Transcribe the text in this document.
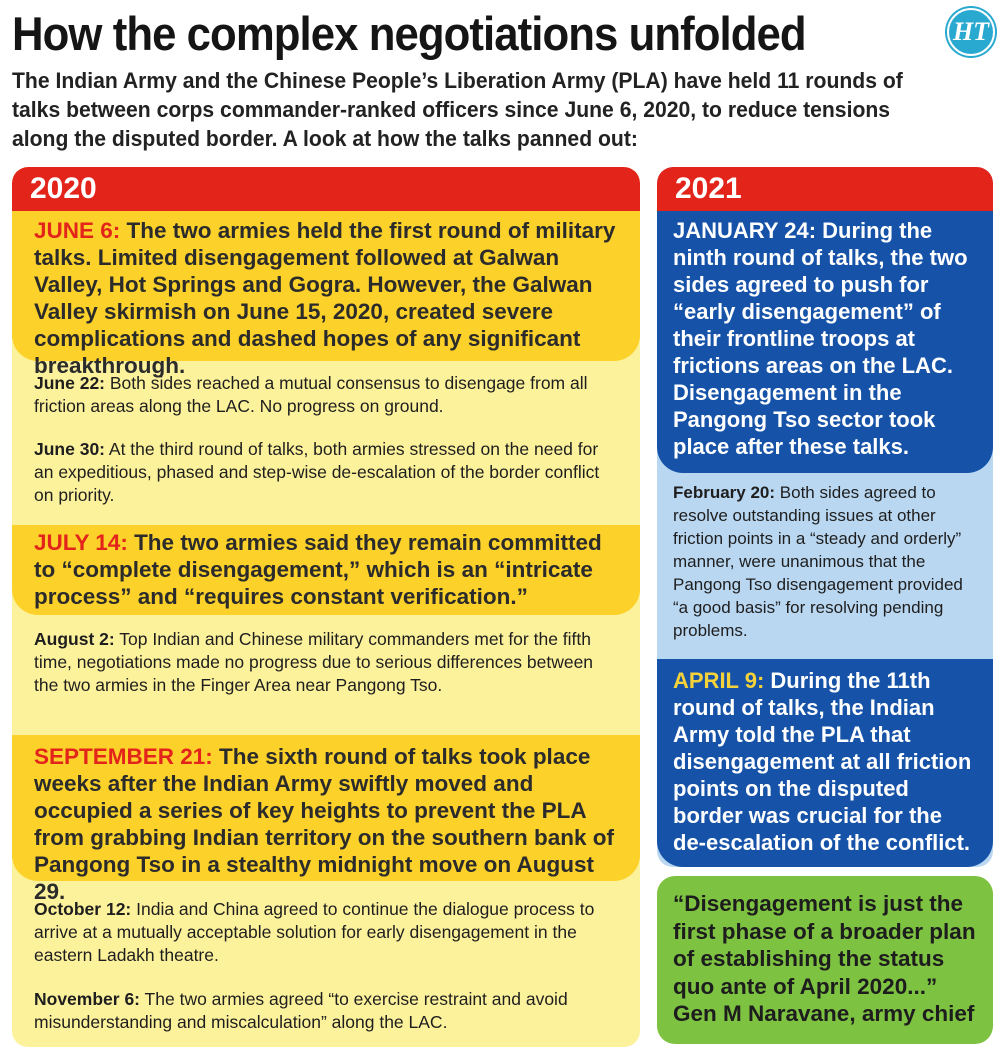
How the complex negotiations unfolded	HT
The Indian Army and the Chinese People’s Liberation Army (PLA) have held 11 rounds of talks between corps commander-ranked officers since June 6, 2020, to reduce tensions along the disputed border. A look at how the talks panned out:
2020
JUNE 6: The two armies held the first round of military talks. Limited disengagement followed at Galwan Valley, Hot Springs and Gogra. However, the Galwan Valley skirmish on June 15, 2020, created severe complications and dashed hopes of any significant breakthrough.
June 22: Both sides reached a mutual consensus to disengage from all friction areas along the LAC. No progress on ground.
June 30: At the third round of talks, both armies stressed on the need for an expeditious, phased and step-wise de-escalation of the border conflict on priority.
JULY 14: The two armies said they remain committed to “complete disengagement,” which is an “intricate process” and “requires constant verification.”
August 2: Top Indian and Chinese military commanders met for the fifth time, negotiations made no progress due to serious differences between the two armies in the Finger Area near Pangong Tso.
SEPTEMBER 21: The sixth round of talks took place weeks after the Indian Army swiftly moved and occupied a series of key heights to prevent the PLA from grabbing Indian territory on the southern bank of Pangong Tso in a stealthy midnight move on August 29.
October 12: India and China agreed to continue the dialogue process to arrive at a mutually acceptable solution for early disengagement in the eastern Ladakh theatre.
November 6: The two armies agreed “to exercise restraint and avoid misunderstanding and miscalculation” along the LAC.
2021
JANUARY 24: During the ninth round of talks, the two sides agreed to push for “early disengagement” of their frontline troops at frictions areas on the LAC. Disengagement in the Pangong Tso sector took place after these talks.
February 20: Both sides agreed to resolve outstanding issues at other friction points in a “steady and orderly” manner, were unanimous that the Pangong Tso disengagement provided “a good basis” for resolving pending problems.
APRIL 9: During the 11th round of talks, the Indian Army told the PLA that disengagement at all friction points on the disputed border was crucial for the de-escalation of the conflict.
“Disengagement is just the first phase of a broader plan of establishing the status quo ante of April 2020...”
Gen M Naravane, army chief
